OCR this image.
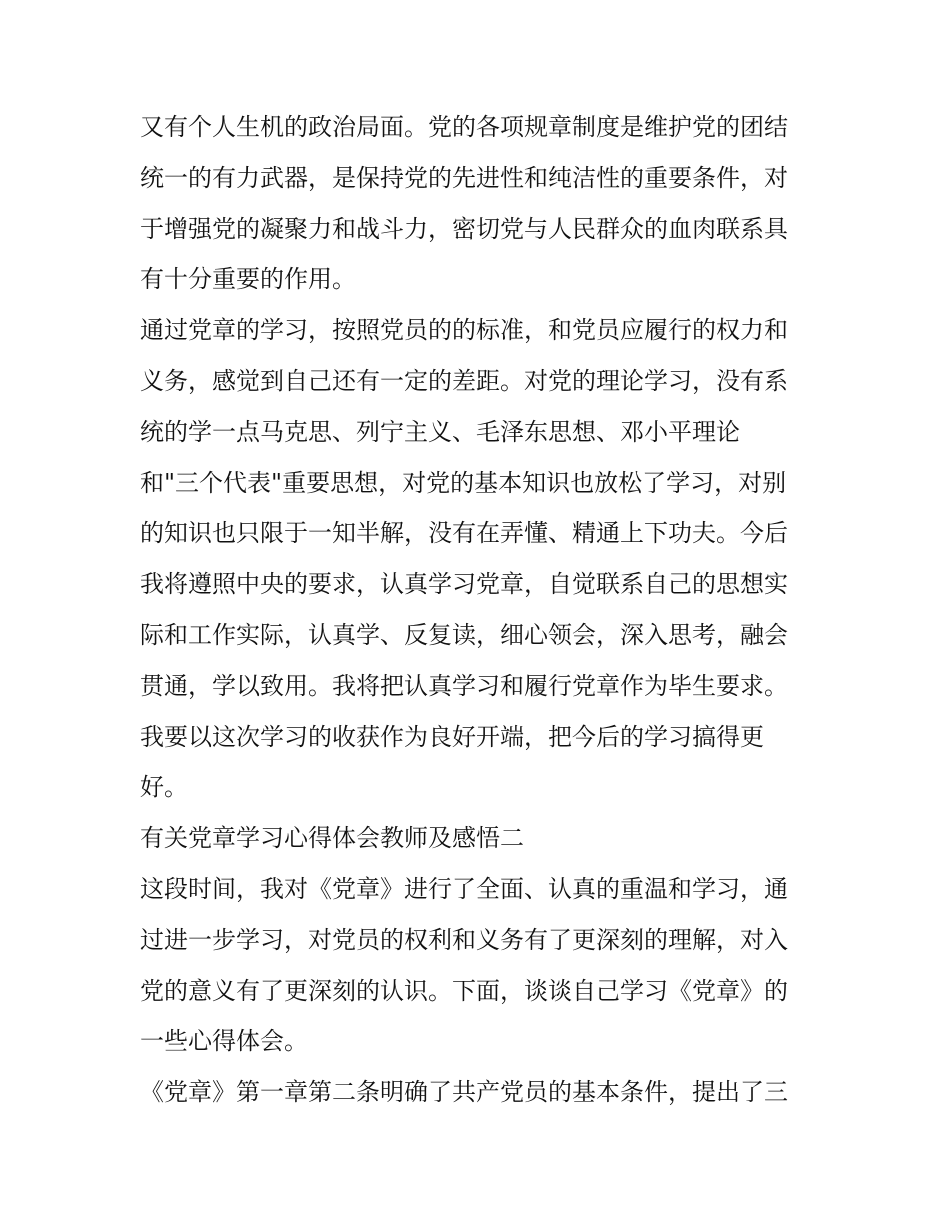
又有个人生机的政治局面。党的各项规章制度是维护党的团结
统一的有力武器，是保持党的先进性和纯洁性的重要条件，对
于增强党的凝聚力和战斗力，密切党与人民群众的血肉联系具
有十分重要的作用。
通过党章的学习，按照党员的的标准，和党员应履行的权力和
义务，感觉到自己还有一定的差距。对党的理论学习，没有系
统的学一点马克思、列宁主义、毛泽东思想、邓小平理论
和"三个代表"重要思想，对党的基本知识也放松了学习，对别
的知识也只限于一知半解，没有在弄懂、精通上下功夫。今后
我将遵照中央的要求，认真学习党章，自觉联系自己的思想实
际和工作实际，认真学、反复读，细心领会，深入思考，融会
贯通，学以致用。我将把认真学习和履行党章作为毕生要求。
我要以这次学习的收获作为良好开端，把今后的学习搞得更
好。
有关党章学习心得体会教师及感悟二
这段时间，我对《党章》进行了全面、认真的重温和学习，通
过进一步学习，对党员的权利和义务有了更深刻的理解，对入
党的意义有了更深刻的认识。下面，谈谈自己学习《党章》的
一些心得体会。
《党章》第一章第二条明确了共产党员的基本条件，提出了三
